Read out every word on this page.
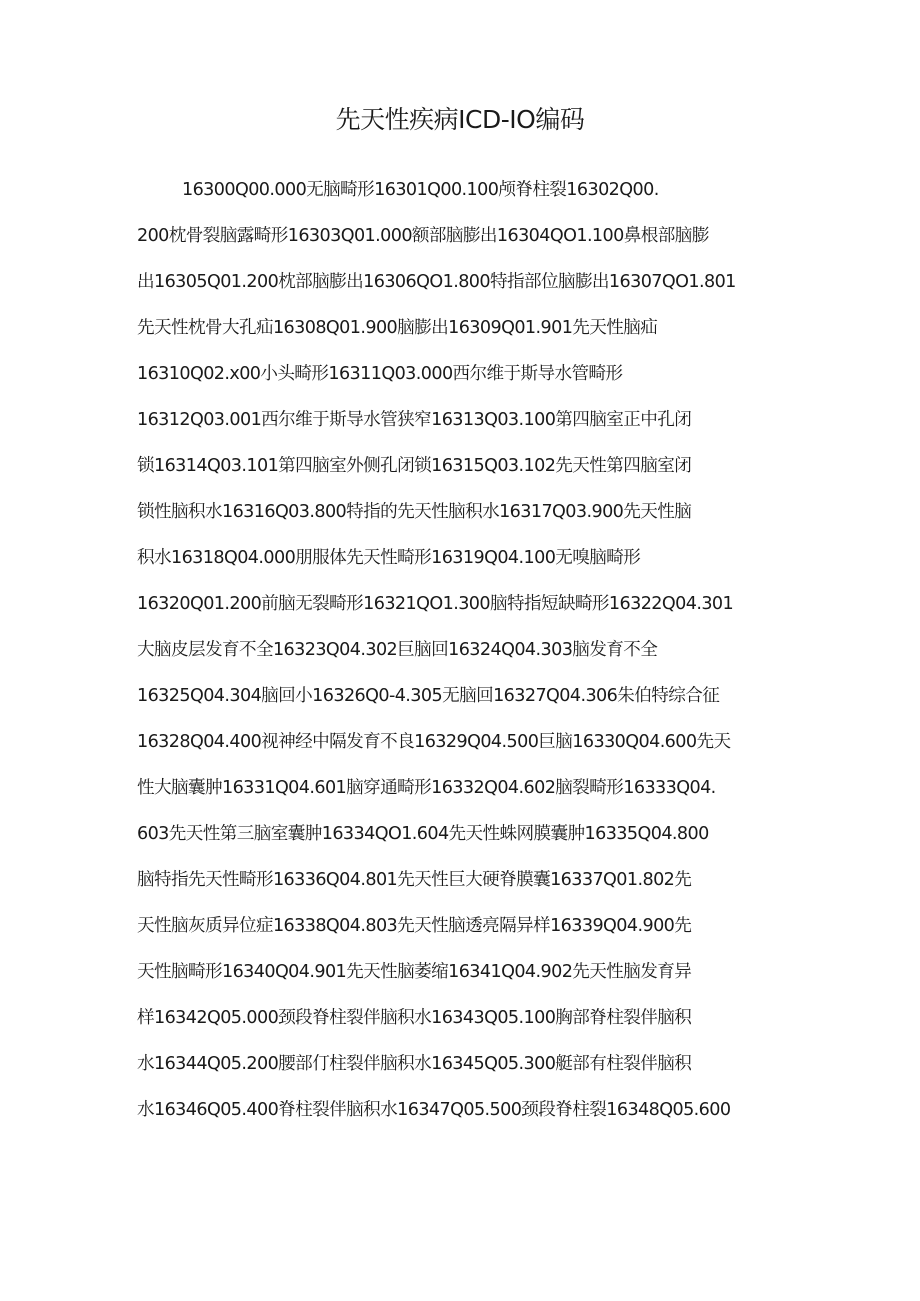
先天性疾病ICD-IO编码
16300Q00.000无脑畸形16301Q00.100颅脊柱裂16302Q00.
200枕骨裂脑露畸形16303Q01.000额部脑膨出16304QO1.100鼻根部脑膨
出16305Q01.200枕部脑膨出16306QO1.800特指部位脑膨出16307QO1.801
先天性枕骨大孔疝16308Q01.900脑膨出16309Q01.901先天性脑疝
16310Q02.x00小头畸形16311Q03.000西尔维于斯导水管畸形
16312Q03.001西尔维于斯导水管狭窄16313Q03.100第四脑室正中孔闭
锁16314Q03.101第四脑室外侧孔闭锁16315Q03.102先天性第四脑室闭
锁性脑积水16316Q03.800特指的先天性脑积水16317Q03.900先天性脑
积水16318Q04.000朋服体先天性畸形16319Q04.100无嗅脑畸形
16320Q01.200前脑无裂畸形16321QO1.300脑特指短缺畸形16322Q04.301
大脑皮层发育不全16323Q04.302巨脑回16324Q04.303脑发育不全
16325Q04.304脑回小16326Q0-4.305无脑回16327Q04.306朱伯特综合征
16328Q04.400视神经中隔发育不良16329Q04.500巨脑16330Q04.600先天
性大脑囊肿16331Q04.601脑穿通畸形16332Q04.602脑裂畸形16333Q04.
603先天性第三脑室囊肿16334QO1.604先天性蛛网膜囊肿16335Q04.800
脑特指先天性畸形16336Q04.801先天性巨大硬脊膜囊16337Q01.802先
天性脑灰质异位症16338Q04.803先天性脑透亮隔异样16339Q04.900先
天性脑畸形16340Q04.901先天性脑萎缩16341Q04.902先天性脑发育异
样16342Q05.000颈段脊柱裂伴脑积水16343Q05.100胸部脊柱裂伴脑积
水16344Q05.200腰部仃柱裂伴脑积水16345Q05.300艇部有柱裂伴脑积
水16346Q05.400脊柱裂伴脑积水16347Q05.500颈段脊柱裂16348Q05.600
